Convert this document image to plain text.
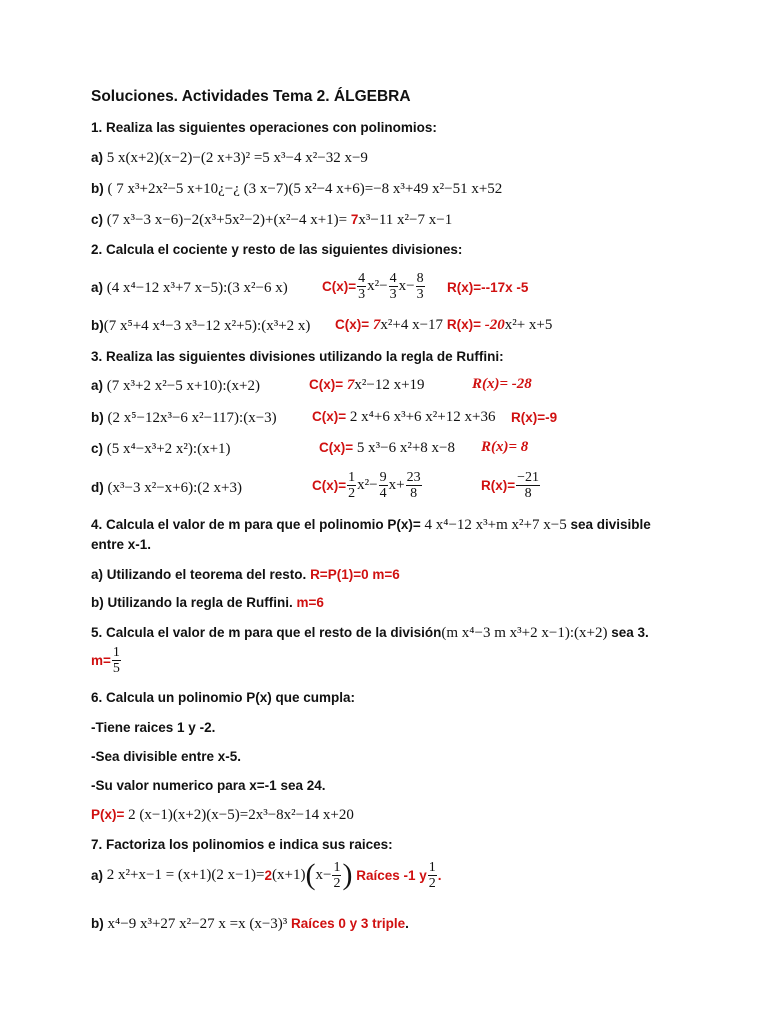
Soluciones. Actividades Tema 2. ÁLGEBRA
1. Realiza las siguientes operaciones con polinomios:
a) 5 x(x+2)(x−2)−(2 x+3)² =5 x³−4 x²−32 x−9
b) ( 7 x³+2x²−5 x+10¿−¿ (3 x−7)(5 x²−4 x+6)=−8 x³+49 x²−51 x+52
c) (7 x³−3 x−6)−2(x³+5x²−2)+(x²−4 x+1)= 7x³−11 x²−7 x−1
2. Calcula el cociente y resto de las siguientes divisiones:
a) (4 x⁴−12 x³+7 x−5):(3 x²−6 x)	$C(x)= \frac{4}{3} x^2- \frac{4}{3} x- \frac{8}{3} R(x)=--17x$ -5
b)(7 x⁵+4 x⁴−3 x³−12 x²+5):(x³+2 x) C(x)= 7x²+4 x−17 R(x)= -20x²+ x+5
3. Realiza las siguientes divisiones utilizando la regla de Ruffini:
a) (7 x³+2 x²−5 x+10):(x+2)	C(x)= 7x²−12 x+19	R(x)= -28
b) (2 x⁵−12x³−6 x²−117):(x−3)	C(x)= 2 x⁴+6 x³+6 x²+12 x+36 R(x)=-9
c) (5 x⁴−x³+2 x²):(x+1)	C(x)= 5 x³−6 x²+8 x−8 R(x)= 8
d) (x³−3 x²−x+6):(2 x+3)	$C(x)= \frac{1}{2} x^2- \frac{9}{4} x+ \frac{23}{8}$	$R(x)= \frac{-21}{8}$
4. Calcula el valor de m para que el polinomio P(x)= 4 x⁴−12 x³+m x²+7 x−5 sea divisible
entre x-1.
a) Utilizando el teorema del resto. R=P(1)=0 m=6
b) Utilizando la regla de Ruffini. m=6
5. Calcula el valor de m para que el resto de la división(m x⁴−3 m x³+2 x−1):(x+2) sea 3.
$m= \frac{1}{5}$
6. Calcula un polinomio P(x) que cumpla:
-Tiene raices 1 y -2.
-Sea divisible entre x-5.
-Su valor numerico para x=-1 sea 24.
P(x)= 2 (x−1)(x+2)(x−5)=2x³−8x²−14 x+20
7. Factoriza los polinomios e indica sus raices:
a)
2 x²+x−1 = (x+1)(2 x−1)= 2 (x+1) ( $x- \frac{1}{2}$ )
Raíces -1 y $\frac{1}{2}$ .
b) x⁴−9 x³+27 x²−27 x =x (x−3)³ Raíces 0 y 3 triple.
